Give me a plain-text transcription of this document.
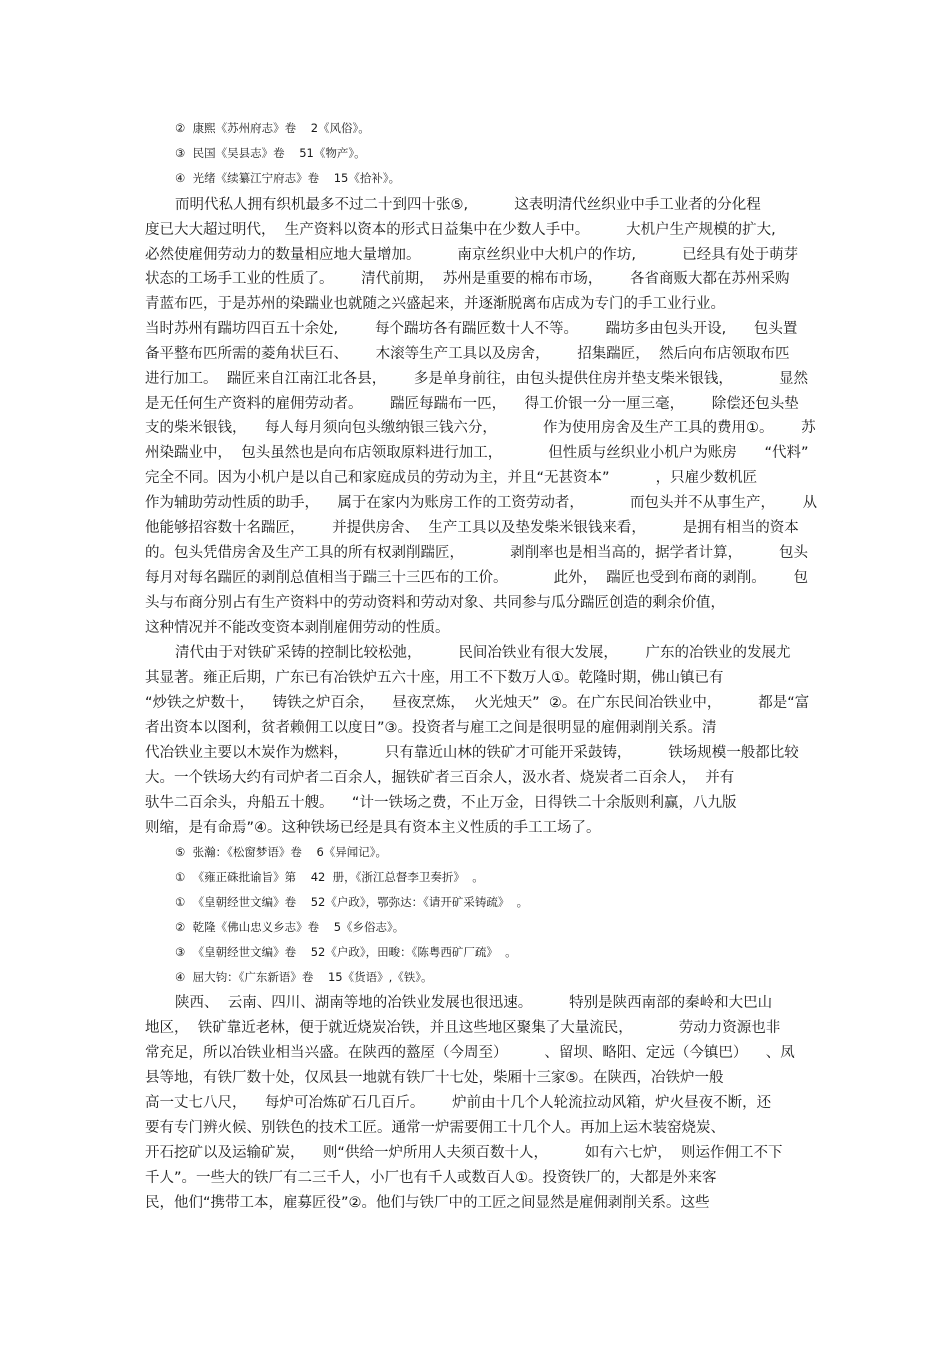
②  康熙《苏州府志》卷    2《风俗》。
③  民国《吴县志》卷    51《物产》。
④  光绪《续纂江宁府志》卷    15《拾补》。
而明代私人拥有织机最多不过二十到四十张⑤,          这表明清代丝织业中手工业者的分化程
度已大大超过明代，  生产资料以资本的形式日益集中在少数人手中。        大机户生产规模的扩大,
必然使雇佣劳动力的数量相应地大量增加。        南京丝织业中大机户的作坊,          已经具有处于萌芽
状态的工场手工业的性质了。      清代前期，  苏州是重要的棉布市场，      各省商贩大都在苏州采购
青蓝布匹，于是苏州的染踹业也就随之兴盛起来，并逐渐脱离布店成为专门的手工业行业。
当时苏州有踹坊四百五十余处,        每个踹坊各有踹匠数十人不等。      踹坊多由包头开设,      包头置
备平整布匹所需的菱角状巨石、      木滚等生产工具以及房舍，      招集踹匠，  然后向布店领取布匹
进行加工。  踹匠来自江南江北各县，      多是单身前往，由包头提供住房并垫支柴米银钱，          显然
是无任何生产资料的雇佣劳动者。      踹匠每踹布一匹，    得工价银一分一厘三毫，      除偿还包头垫
支的柴米银钱，    每人每月须向包头缴纳银三钱六分，          作为使用房舍及生产工具的费用①。      苏
州染踹业中，  包头虽然也是向布店领取原料进行加工，          但性质与丝织业小机户为账房      “代料”
完全不同。因为小机户是以自己和家庭成员的劳动为主，并且“无甚资本”          ，只雇少数机匠
作为辅助劳动性质的助手，    属于在家内为账房工作的工资劳动者，          而包头并不从事生产，      从
他能够招容数十名踹匠，      并提供房舍、  生产工具以及垫发柴米银钱来看，        是拥有相当的资本
的。包头凭借房舍及生产工具的所有权剥削踹匠，          剥削率也是相当高的，据学者计算，        包头
每月对每名踹匠的剥削总值相当于踹三十三匹布的工价。          此外，  踹匠也受到布商的剥削。      包
头与布商分别占有生产资料中的劳动资料和劳动对象、共同参与瓜分踹匠创造的剩余价值，
这种情况并不能改变资本剥削雇佣劳动的性质。
清代由于对铁矿采铸的控制比较松弛，        民间冶铁业有很大发展，      广东的冶铁业的发展尤
其显著。雍正后期，广东已有冶铁炉五六十座，用工不下数万人①。乾隆时期，佛山镇已有
“炒铁之炉数十，    铸铁之炉百余，    昼夜烹炼，  火光烛天”  ②。在广东民间冶铁业中，        都是“富
者出资本以图利，贫者赖佣工以度日”③。投资者与雇工之间是很明显的雇佣剥削关系。清
代冶铁业主要以木炭作为燃料，        只有靠近山林的铁矿才可能开采鼓铸，        铁场规模一般都比较
大。一个铁场大约有司炉者二百余人，掘铁矿者三百余人，汲水者、烧炭者二百余人，  并有
驮牛二百余头，舟船五十艘。    “计一铁场之费，不止万金，日得铁二十余版则利赢，八九版
则缩，是有命焉”④。这种铁场已经是具有资本主义性质的手工工场了。
⑤  张瀚：《松窗梦语》卷    6《异闻记》。
①  《雍正硃批谕旨》第    42  册，《浙江总督李卫奏折》  。
①  《皇朝经世文编》卷    52《户政》，鄂弥达：《请开矿采铸疏》  。
②  乾隆《佛山忠义乡志》卷    5《乡俗志》。
③  《皇朝经世文编》卷    52《户政》，田畯：《陈粤西矿厂疏》  。
④  屈大钧：《广东新语》卷    15《货语》,《铁》。
陕西、  云南、四川、湖南等地的冶铁业发展也很迅速。        特别是陕西南部的秦岭和大巴山
地区，  铁矿靠近老林，便于就近烧炭冶铁，并且这些地区聚集了大量流民，          劳动力资源也非
常充足，所以冶铁业相当兴盛。在陕西的盩厔（今周至）        、留坝、略阳、定远（今镇巴）    、凤
县等地，有铁厂数十处，仅凤县一地就有铁厂十七处，柴厢十三家⑤。在陕西，冶铁炉一般
高一丈七八尺，    每炉可冶炼矿石几百斤。      炉前由十几个人轮流拉动风箱，炉火昼夜不断，还
要有专门辨火候、别铁色的技术工匠。通常一炉需要佣工十几个人。再加上运木装窑烧炭、
开石挖矿以及运输矿炭，    则“供给一炉所用人夫须百数十人，        如有六七炉，  则运作佣工不下
千人”。一些大的铁厂有二三千人，小厂也有千人或数百人①。投资铁厂的，大都是外来客
民，他们“携带工本，雇募匠役”②。他们与铁厂中的工匠之间显然是雇佣剥削关系。这些
